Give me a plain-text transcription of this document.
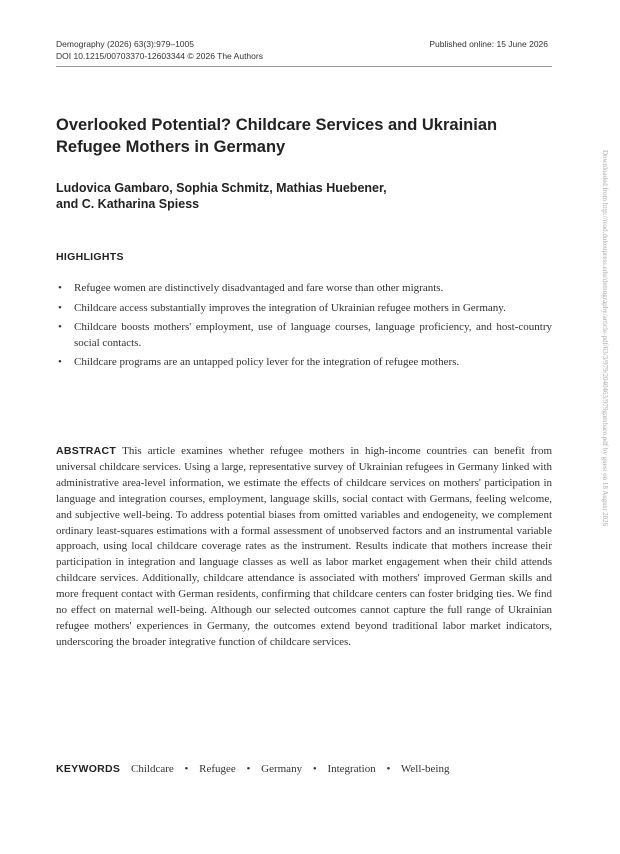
Demography (2026) 63(3):979–1005
DOI 10.1215/00703370-12603344 © 2026 The Authors
Published online: 15 June 2026
Overlooked Potential? Childcare Services and Ukrainian Refugee Mothers in Germany
Ludovica Gambaro, Sophia Schmitz, Mathias Huebener,
and C. Katharina Spiess
HIGHLIGHTS
• Refugee women are distinctively disadvantaged and fare worse than other migrants.
• Childcare access substantially improves the integration of Ukrainian refugee mothers in Germany.
• Childcare boosts mothers' employment, use of language courses, language proficiency, and host-country social contacts.
• Childcare programs are an untapped policy lever for the integration of refugee mothers.

ABSTRACT This article examines whether refugee mothers in high-income countries can benefit from universal childcare services. Using a large, representative survey of Ukrainian refugees in Germany linked with administrative area-level information, we estimate the effects of childcare services on mothers' participation in language and integration courses, employment, language skills, social contact with Germans, feeling welcome, and subjective well-being. To address potential biases from omitted variables and endogeneity, we complement ordinary least-squares estimations with a formal assessment of unobserved factors and an instrumental variable approach, using local childcare coverage rates as the instrument. Results indicate that mothers increase their participation in integration and language classes as well as labor market engagement when their child attends childcare services. Additionally, childcare attendance is associated with mothers' improved German skills and more frequent contact with German residents, confirming that childcare centers can foster bridging ties. We find no effect on maternal well-being. Although our selected outcomes cannot capture the full range of Ukrainian refugee mothers' experiences in Germany, the outcomes extend beyond traditional labor market indicators, underscoring the broader integrative function of childcare services.

KEYWORDS Childcare • Refugee • Germany • Integration • Well-being
Downloaded from http://read.dukeupress.edu/demography/article-pdf/63/3/979/2040463/979gambaro.pdf by guest on 18 August 2026
